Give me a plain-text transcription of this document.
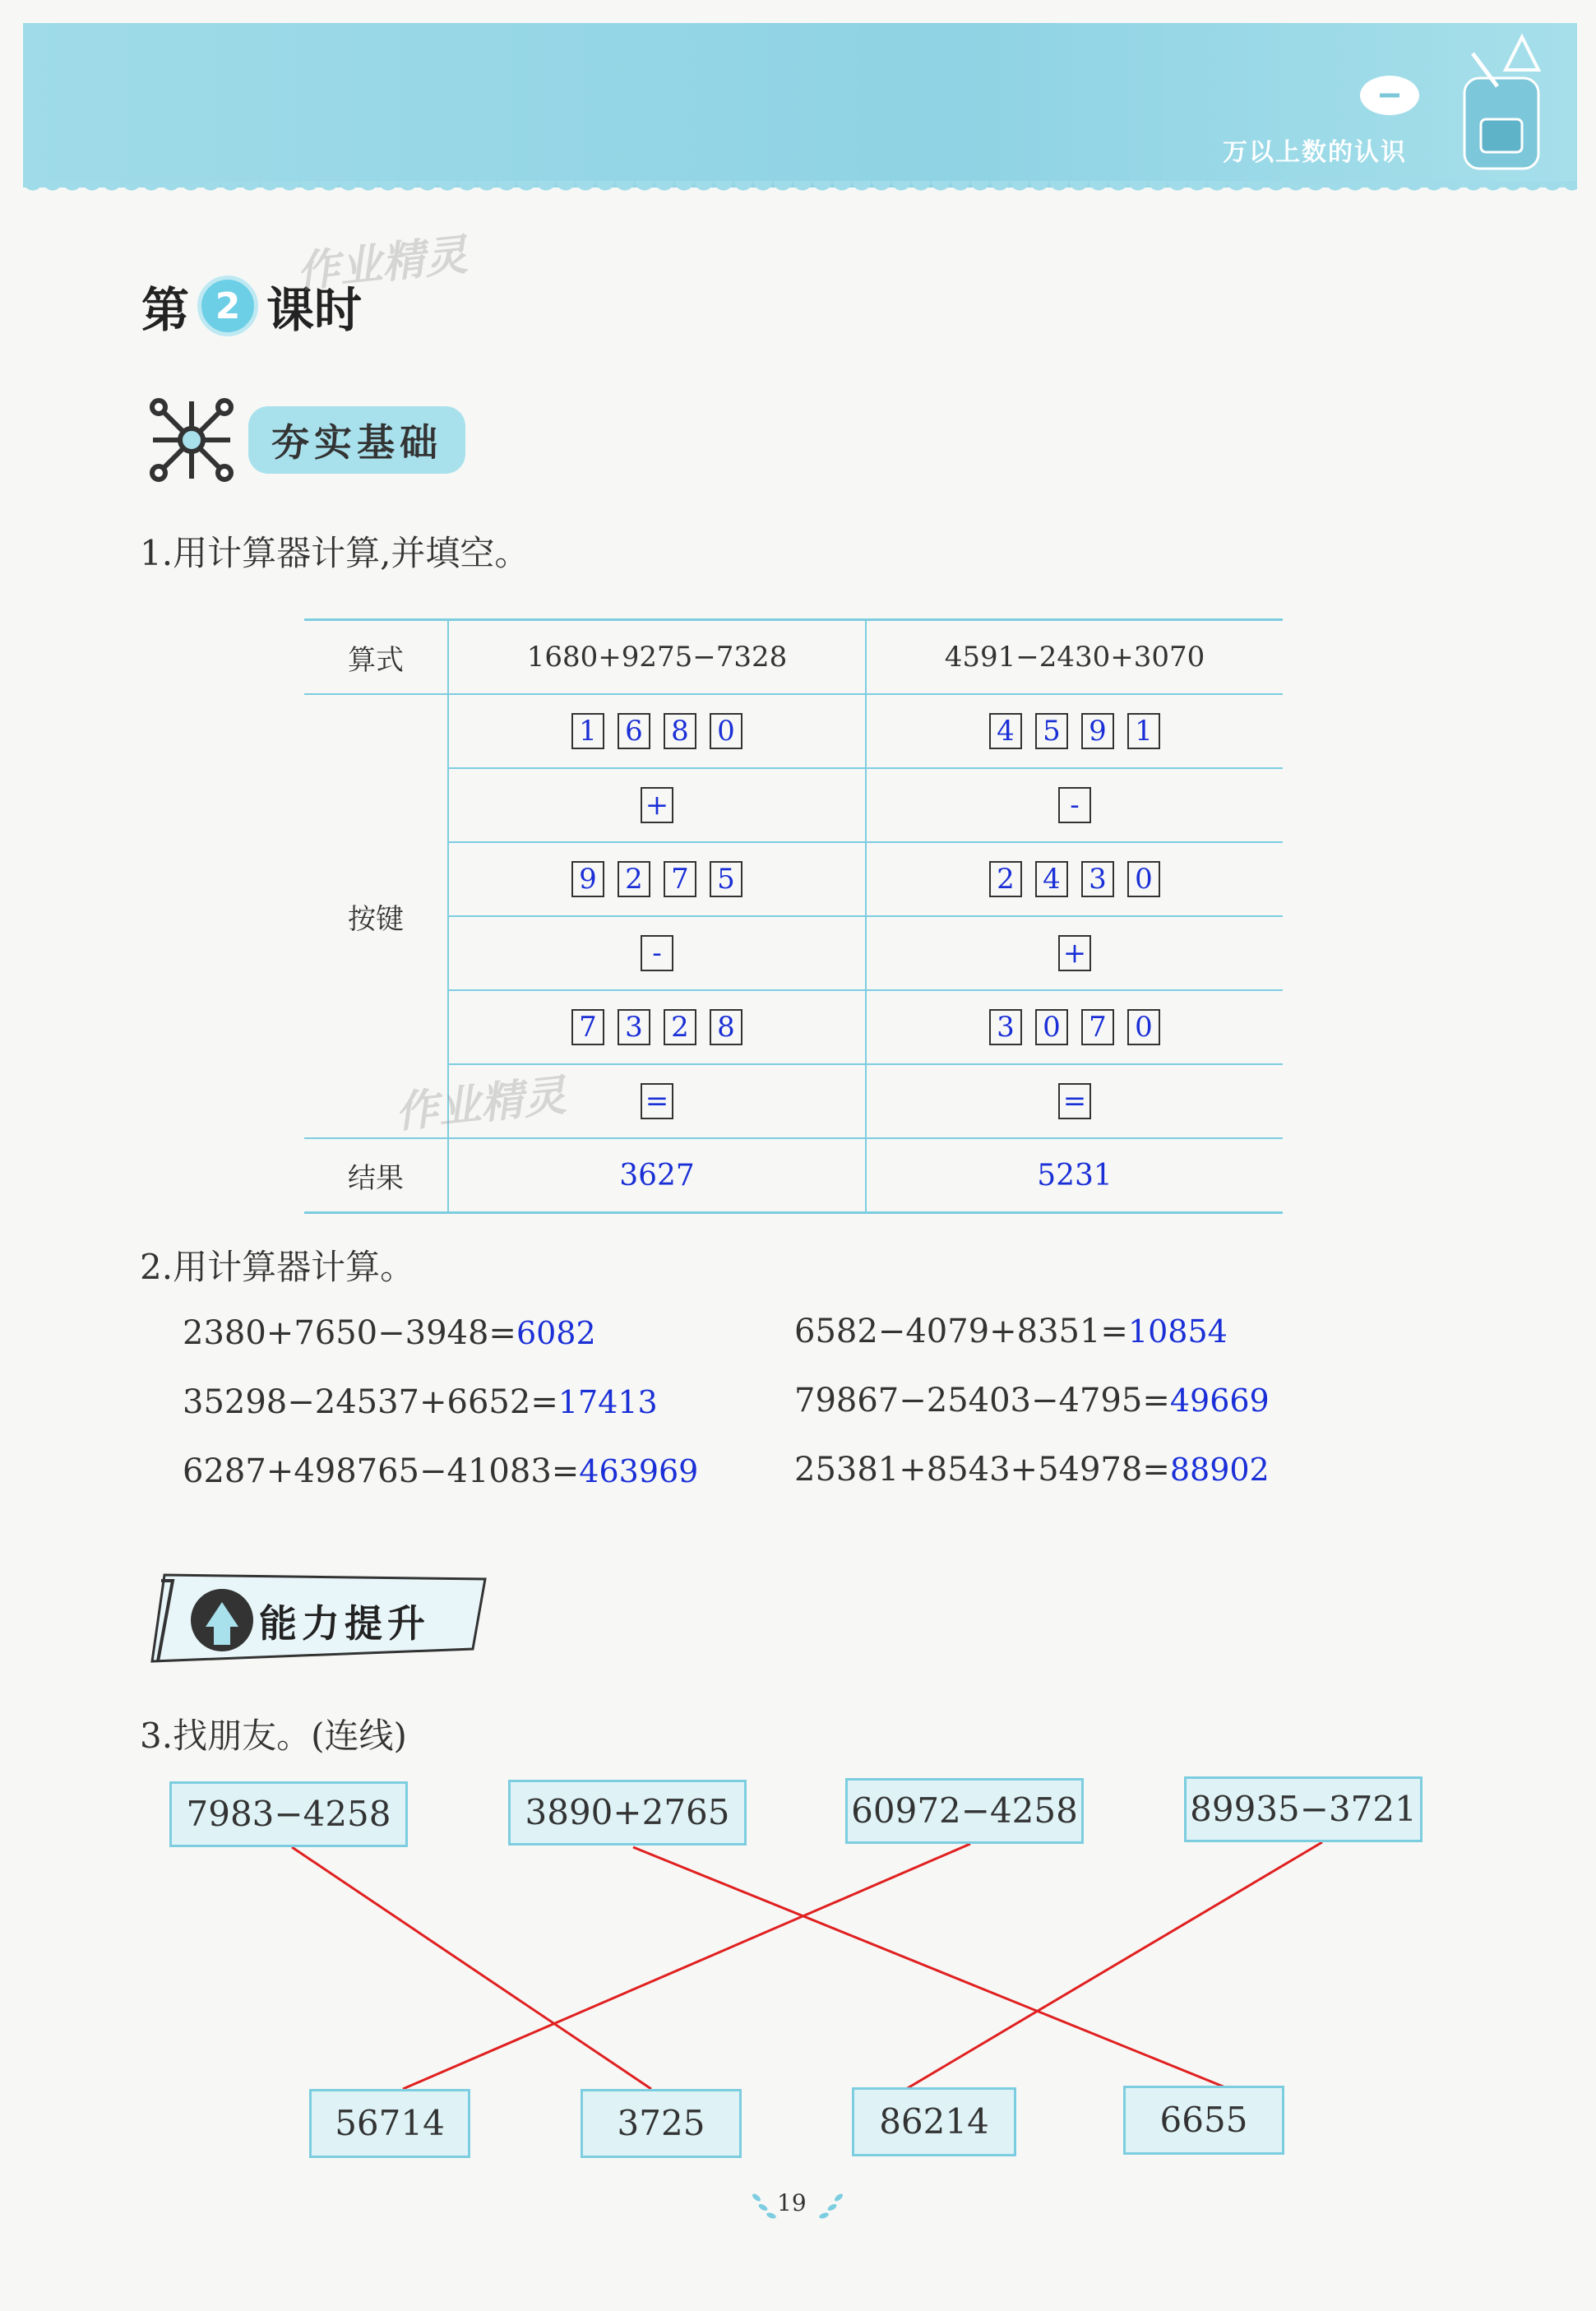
万以上数的认识
第 2 课时
作业精灵
夯实基础
1.用计算器计算,并填空。
算式	1680+9275−7328	4591−2430+3070
按键	1 6 8 0	4 5 9 1
	+	-
	9 2 7 5	2 4 3 0
	-	+
	7 3 2 8	3 0 7 0
	=	=
结果	3627	5231
作业精灵
2.用计算器计算。
2380+7650−3948=6082	6582−4079+8351=10854
35298−24537+6652=17413	79867−25403−4795=49669
6287+498765−41083=463969	25381+8543+54978=88902
能力提升
3.找朋友。(连线)
7983−4258	3890+2765	60972−4258	89935−3721
56714	3725	86214	6655
19
